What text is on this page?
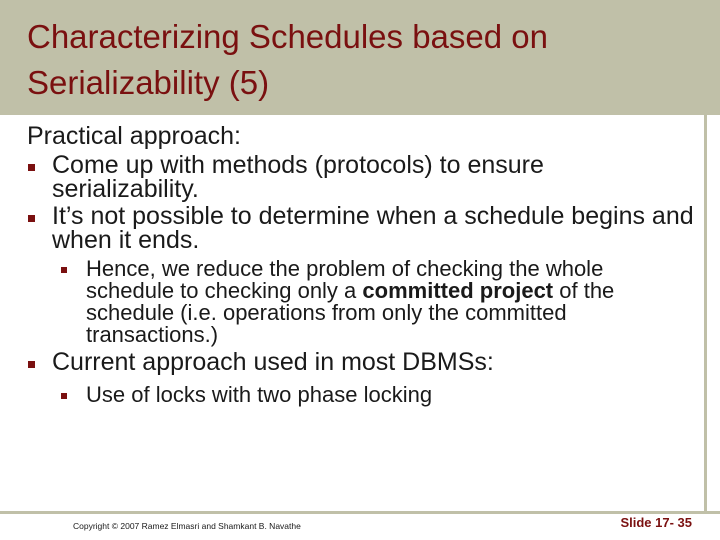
Characterizing Schedules based on Serializability (5)
Practical approach:
Come up with methods (protocols) to ensure serializability.
It’s not possible to determine when a schedule begins and when it ends.
Hence, we reduce the problem of checking the whole schedule to checking only a committed project of the schedule (i.e. operations from only the committed transactions.)
Current approach used in most DBMSs:
Use of locks with two phase locking
Copyright © 2007 Ramez Elmasri and Shamkant B. Navathe	Slide 17- 35
